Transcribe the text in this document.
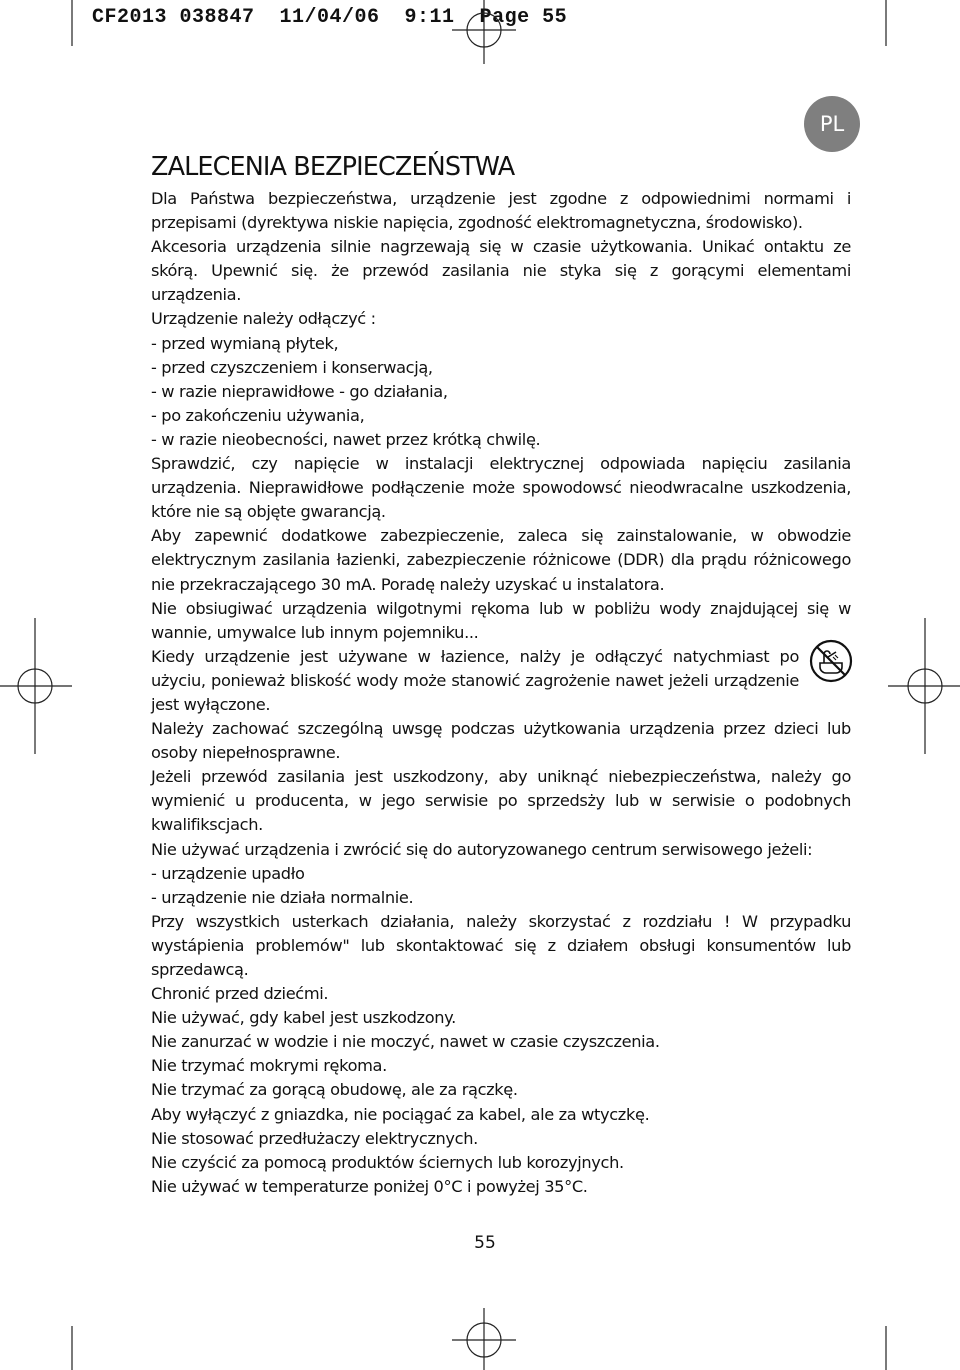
CF2013 038847  11/04/06  9:11  Page 55
PL
ZALECENIA BEZPIECZEŃSTWA

Dla Państwa bezpieczeństwa, urządzenie jest zgodne z odpowiednimi normami i przepisami (dyrektywa niskie napięcia, zgodność elektromagnetyczna, środowisko).

Akcesoria urządzenia silnie nagrzewają się w czasie użytkowania. Unikać ontaktu ze skórą. Upewnić się. że przewód zasilania nie styka się z gorącymi elementami urządzenia.

Urządzenie należy odłączyć :

- przed wymianą płytek,

- przed czyszczeniem i konserwacją,

- w razie nieprawidłowe - go działania,

- po zakończeniu używania,

- w razie nieobecności, nawet przez krótką chwilę.

Sprawdzić, czy napięcie w instalacji elektrycznej odpowiada napięciu zasilania urządzenia. Nieprawidłowe podłączenie może spowodowsć nieodwracalne uszkodzenia, które nie są objęte gwarancją.

Aby zapewnić dodatkowe zabezpieczenie, zaleca się zainstalowanie, w obwodzie elektrycznym zasilania łazienki, zabezpieczenie różnicowe (DDR) dla prądu różnicowego nie przekraczającego 30 mA. Poradę należy uzyskać u instalatora.

Nie obsiugiwać urządzenia wilgotnymi rękoma lub w pobliżu wody znajdującej się w wannie, umywalce lub innym pojemniku...

Kiedy urządzenie jest używane w łazience, nalży je odłączyć natychmiast po użyciu, ponieważ bliskość wody może stanowić zagrożenie nawet jeżeli urządzenie jest wyłączone.

Należy zachować szczególną uwsgę podczas użytkowania urządzenia przez dzieci lub osoby niepełnosprawne.

Jeżeli przewód zasilania jest uszkodzony, aby uniknąć niebezpieczeństwa, należy go wymienić u producenta, w jego serwisie po sprzedsży lub w serwisie o podobnych kwalifikscjach.

Nie używać urządzenia i zwrócić się do autoryzowanego centrum serwisowego jeżeli:

- urządzenie upadło

- urządzenie nie działa normalnie.

Przy wszystkich usterkach działania, należy skorzystać z rozdziału ! W przypadku wystápienia problemów" lub skontaktować się z działem obsługi konsumentów lub sprzedawcą.

Chronić przed dziećmi.

Nie używać, gdy kabel jest uszkodzony.

Nie zanurzać w wodzie i nie moczyć, nawet w czasie czyszczenia.

Nie trzymać mokrymi rękoma.

Nie trzymać za gorącą obudowę, ale za rączkę.

Aby wyłączyć z gniazdka, nie pociągać za kabel, ale za wtyczkę.

Nie stosować przedłużaczy elektrycznych.

Nie czyścić za pomocą produktów ściernych lub korozyjnych.

Nie używać w temperaturze poniżej 0°C i powyżej 35°C.

55
